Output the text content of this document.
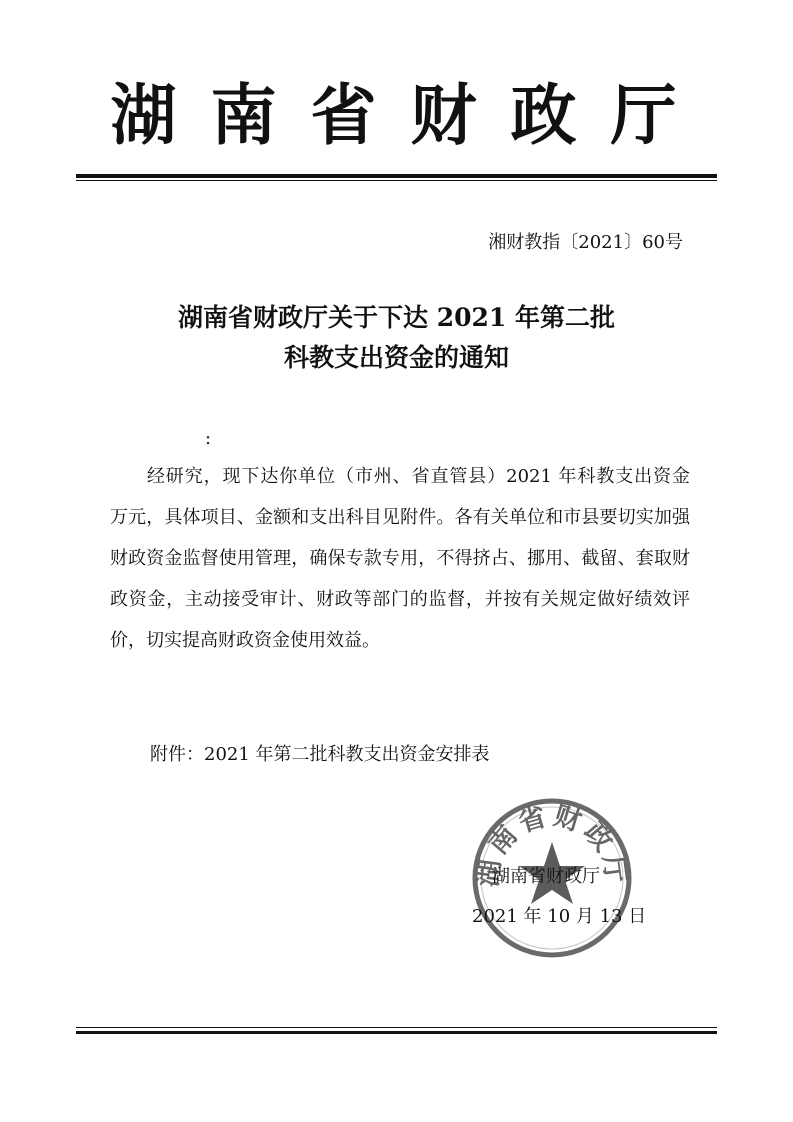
湖南省财政厅
湘财教指〔2021〕60号
湖南省财政厅关于下达 2021 年第二批
科教支出资金的通知
:
经研究，现下达你单位（市州、省直管县）2021 年科教支出资金　　万元，具体项目、金额和支出科目见附件。各有关单位和市县要切实加强财政资金监督使用管理，确保专款专用，不得挤占、挪用、截留、套取财政资金，主动接受审计、财政等部门的监督，并按有关规定做好绩效评价，切实提高财政资金使用效益。
附件：2021 年第二批科教支出资金安排表
湖南省财政厅
湖南省财政厅
2021 年 10 月 13 日
